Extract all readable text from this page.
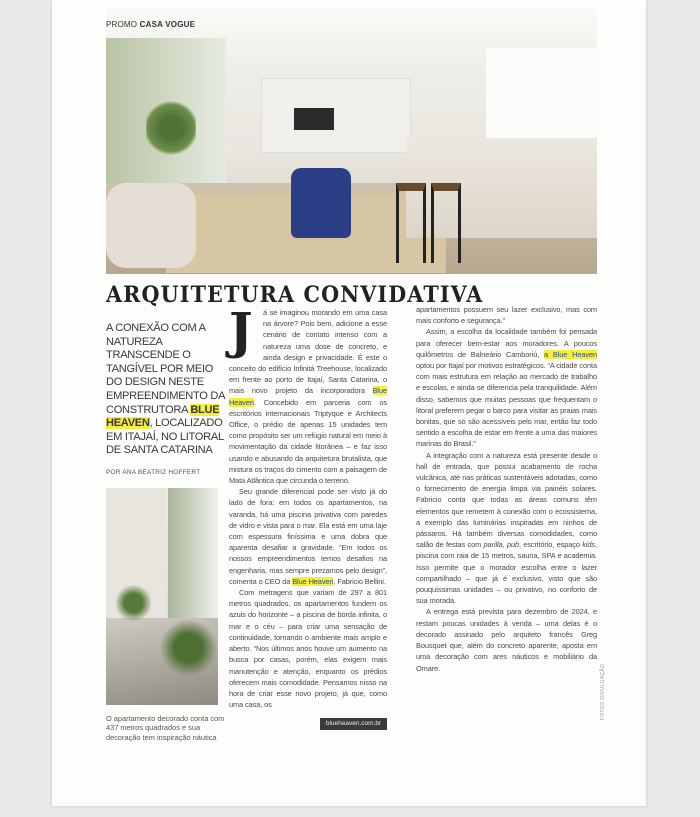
PROMO CASA VOGUE
ARQUITETURA CONVIDATIVA
A CONEXÃO COM A NATUREZA TRANSCENDE O TANGÍVEL POR MEIO DO DESIGN NESTE EMPREENDIMENTO DA CONSTRUTORA BLUE HEAVEN, LOCALIZADO EM ITAJAÍ, NO LITORAL DE SANTA CATARINA
POR ANA BEATRIZ HOFFERT
O apartamento decorado conta com 437 metros quadrados e sua decoração tem inspiração náutica

J	á se imaginou morando em uma casa na árvore? Pois bem, adicione a esse cenário de contato intenso com a natureza uma dose de concreto, e ainda design e privacidade. É este o conceito do edifício Infinitá Treehouse, localizado em frente ao porto de Itajaí, Santa Catarina, o mais novo projeto da incorporadora Blue Heaven. Concebido em parceria com os escritórios internacionais Triptyque e Architects Office, o prédio de apenas 15 unidades tem como propósito ser um refúgio natural em meio à movimentação da cidade litorânea – e faz isso usando e abusando da arquitetura brutalista, que mistura os traços do cimento com a paisagem de Mata Atlântica que circunda o terreno.

Seu grande diferencial pode ser visto já do lado de fora: em todos os apartamentos, na varanda, há uma piscina privativa com paredes de vidro e vista para o mar. Ela está em uma laje com espessura finíssima e uma dobra que aparenta desafiar a gravidade. “Em todos os nossos empreendimentos temos desafios na engenharia, mas sempre prezamos pelo design”, comenta o CEO da Blue Heaven, Fabricio Bellini.

Com metragens que variam de 297 a 801 metros quadrados, os apartamentos fundem os azuis do horizonte – a piscina de borda infinita, o mar e o céu – para criar uma sensação de continuidade, tornando o ambiente mais amplo e aberto. “Nos últimos anos houve um aumento na busca por casas, porém, elas exigem mais manutenção e atenção, enquanto os prédios oferecem mais comodidade. Pensamos nisso na hora de criar esse novo projeto, já que, como uma casa, os

blueheaven.com.br

apartamentos possuem seu lazer exclusivo, mas com mais conforto e segurança.”

Assim, a escolha da localidade também foi pensada para oferecer bem-estar aos moradores. A poucos quilômetros de Balneário Camboriú, a Blue Heaven optou por Itajaí por motivos estratégicos. “A cidade conta com mais estrutura em relação ao mercado de trabalho e escolas, e ainda se diferencia pela tranquilidade. Além disso, sabemos que muitas pessoas que frequentam o litoral preferem pegar o barco para visitar as praias mais bonitas, que só são acessíveis pelo mar, então faz todo sentido a escolha de estar em frente a uma das maiores marinas do Brasil.”

A integração com a natureza está presente desde o hall de entrada, que possui acabamento de rocha vulcânica, até nas práticas sustentáveis adotadas, como o fornecimento de energia limpa via painéis solares. Fabricio conta que todas as áreas comuns têm elementos que remetem à conexão com o ecossistema, a exemplo das luminárias inspiradas em ninhos de pássaros. Há também diversas comodidades, como salão de festas com parilla, pub, escritório, espaço kids, piscina com raia de 15 metros, sauna, SPA e academia. Isso permite que o morador escolha entre o lazer compartilhado – que já é exclusivo, visto que são pouquíssimas unidades – ou privativo, no conforto de sua morada.

A entrega está prevista para dezembro de 2024, e restam poucas unidades à venda – uma delas é o decorado assinado pelo arquiteto francês Greg Bousquet que, além do concreto aparente, aposta em uma decoração com ares náuticos e mobiliário da Omare.	FOTOS DIVULGAÇÃO
